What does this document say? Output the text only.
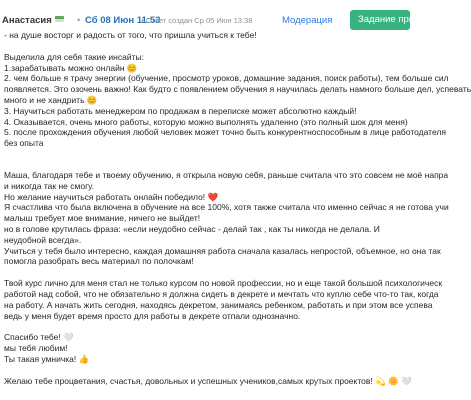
Анастасия	• Сб 08 Июн 11:53
• Ответ создан Ср 05 Июн 13:38	Модерация	Задание приня

- на душе восторг и радость от того, что пришла учиться к тебе!

Выделила для себя такие инсайты:

1.зарабатывать можно онлайн 😊

2. чем больше я трачу энергии (обучение, просмотр уроков, домашние задания, поиск работы), тем больше сил

появляется. Это озочень важно! Как будто с появлением обучения я научилась делать намного больше дел, успевать

много и не хандрить 😊

3. Научиться работать менеджером по продажам в переписке может абсолютно каждый!

4. Оказывается, очень много работы, которую можно выполнять удаленно (это полный шок для меня)

5. после прохождения обучения любой человек может точно быть конкурентноспособным в лице работодателя

без опыта

Маша, благодаря тебе и твоему обучению, я открыла новую себя, раньше считала что это совсем не моё напра

и никогда так не смогу.

Но желание научиться работать онлайн победило! ❤️

Я счастлива что была включена в обучение на все 100%, хотя также считала что именно сейчас я не готова учи

малыш требует мое внимание, ничего не выйдет!

но в голове крутилась фраза: «если неудобно сейчас - делай так , как ты никогда не делала. И

неудобной всегда».

Учиться у тебя было интересно, каждая домашняя работа сначала казалась непростой, объемное, но она так

помогла разобрать весь материал по полочкам!

Твой курс лично для меня стал не только курсом по новой профессии, но и еще такой большой психологическ

работой над собой, что не обязательно я должна сидеть в декрете и мечтать что куплю себе что-то так, когда

на работу. А начать жить сегодня, находясь декретом, занимаясь ребенком, работать и при этом все успева

ведь у меня будет время просто для работы в декрете отпали однозначно.

Спасибо тебе! 🤍

мы тебя любим!

Ты такая умничка! 👍

Желаю тебе процветания, счастья, довольных и успешных учеников,самых крутых проектов! 💫 🌼 🤍
